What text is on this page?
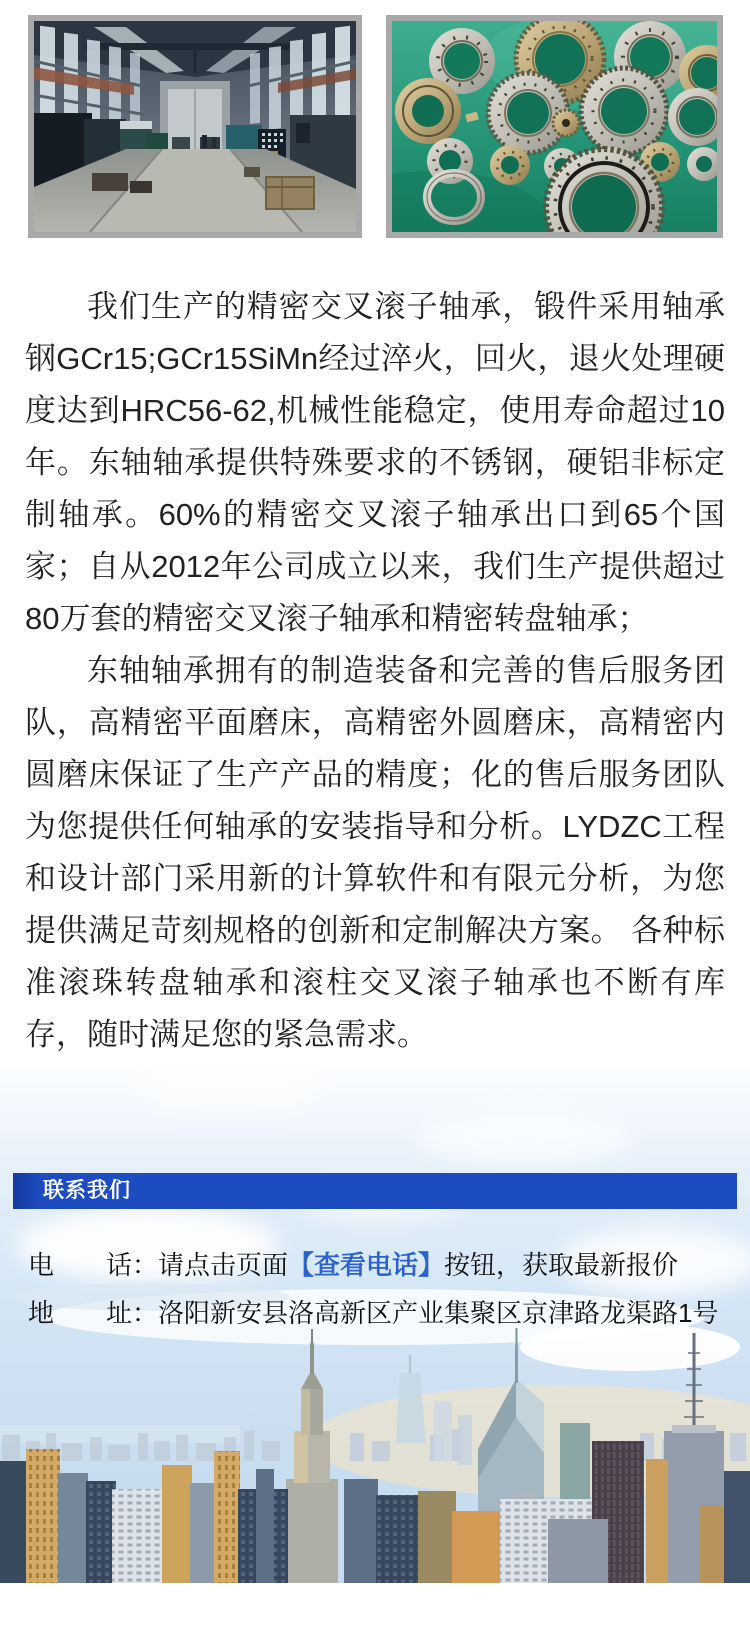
我们生产的精密交叉滚子轴承，锻件采用轴承钢GCr15;GCr15SiMn经过淬火，回火，退火处理硬度达到HRC56-62,机械性能稳定，使用寿命超过10年。东轴轴承提供特殊要求的不锈钢，硬铝非标定制轴承。60%的精密交叉滚子轴承出口到65个国家；自从2012年公司成立以来，我们生产提供超过80万套的精密交叉滚子轴承和精密转盘轴承；

东轴轴承拥有的制造装备和完善的售后服务团队，高精密平面磨床，高精密外圆磨床，高精密内圆磨床保证了生产产品的精度；化的售后服务团队为您提供任何轴承的安装指导和分析。LYDZC工程和设计部门采用新的计算软件和有限元分析，为您提供满足苛刻规格的创新和定制解决方案。 各种标准滚珠转盘轴承和滚柱交叉滚子轴承也不断有库存，随时满足您的紧急需求。

联系我们
电 话： 请点击页面【查看电话】按钮，获取最新报价
地 址： 洛阳新安县洛高新区产业集聚区京津路龙渠路1号
